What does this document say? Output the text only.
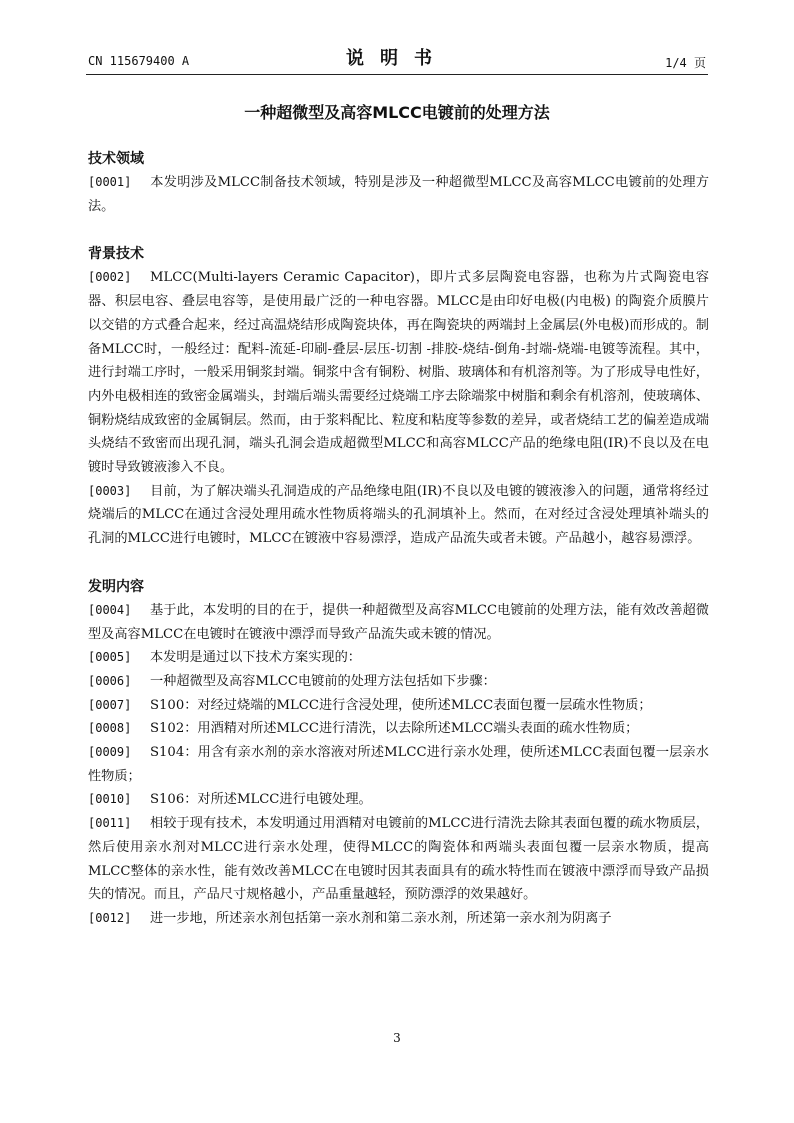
CN 115679400 A	说明书	1/4 页
一种超微型及高容MLCC电镀前的处理方法
技术领域

[0001] 本发明涉及MLCC制备技术领域，特别是涉及一种超微型MLCC及高容MLCC电镀前的处理方法。

背景技术

[0002] MLCC(Multi-layers Ceramic Capacitor)，即片式多层陶瓷电容器，也称为片式陶瓷电容器、积层电容、叠层电容等，是使用最广泛的一种电容器。MLCC是由印好电极(内电极) 的陶瓷介质膜片以交错的方式叠合起来，经过高温烧结形成陶瓷块体，再在陶瓷块的两端封上金属层(外电极)而形成的。制备MLCC时，一般经过：配料-流延-印刷-叠层-层压-切割 -排胶-烧结-倒角-封端-烧端-电镀等流程。其中，进行封端工序时，一般采用铜浆封端。铜浆中含有铜粉、树脂、玻璃体和有机溶剂等。为了形成导电性好，内外电极相连的致密金属端头，封端后端头需要经过烧端工序去除端浆中树脂和剩余有机溶剂，使玻璃体、铜粉烧结成致密的金属铜层。然而，由于浆料配比、粒度和粘度等参数的差异，或者烧结工艺的偏差造成端头烧结不致密而出现孔洞，端头孔洞会造成超微型MLCC和高容MLCC产品的绝缘电阻(IR)不良以及在电镀时导致镀液渗入不良。

[0003] 目前，为了解决端头孔洞造成的产品绝缘电阻(IR)不良以及电镀的镀液渗入的问题，通常将经过烧端后的MLCC在通过含浸处理用疏水性物质将端头的孔洞填补上。然而，在对经过含浸处理填补端头的孔洞的MLCC进行电镀时，MLCC在镀液中容易漂浮，造成产品流失或者未镀。产品越小，越容易漂浮。

发明内容

[0004] 基于此，本发明的目的在于，提供一种超微型及高容MLCC电镀前的处理方法，能有效改善超微型及高容MLCC在电镀时在镀液中漂浮而导致产品流失或未镀的情况。

[0005] 本发明是通过以下技术方案实现的：

[0006] 一种超微型及高容MLCC电镀前的处理方法包括如下步骤：

[0007] S100：对经过烧端的MLCC进行含浸处理，使所述MLCC表面包覆一层疏水性物质；

[0008] S102：用酒精对所述MLCC进行清洗，以去除所述MLCC端头表面的疏水性物质；

[0009] S104：用含有亲水剂的亲水溶液对所述MLCC进行亲水处理，使所述MLCC表面包覆一层亲水性物质；

[0010] S106：对所述MLCC进行电镀处理。

[0011] 相较于现有技术，本发明通过用酒精对电镀前的MLCC进行清洗去除其表面包覆的疏水物质层，然后使用亲水剂对MLCC进行亲水处理，使得MLCC的陶瓷体和两端头表面包覆一层亲水物质，提高MLCC整体的亲水性，能有效改善MLCC在电镀时因其表面具有的疏水特性而在镀液中漂浮而导致产品损失的情况。而且，产品尺寸规格越小，产品重量越轻，预防漂浮的效果越好。

[0012] 进一步地，所述亲水剂包括第一亲水剂和第二亲水剂，所述第一亲水剂为阴离子

3
